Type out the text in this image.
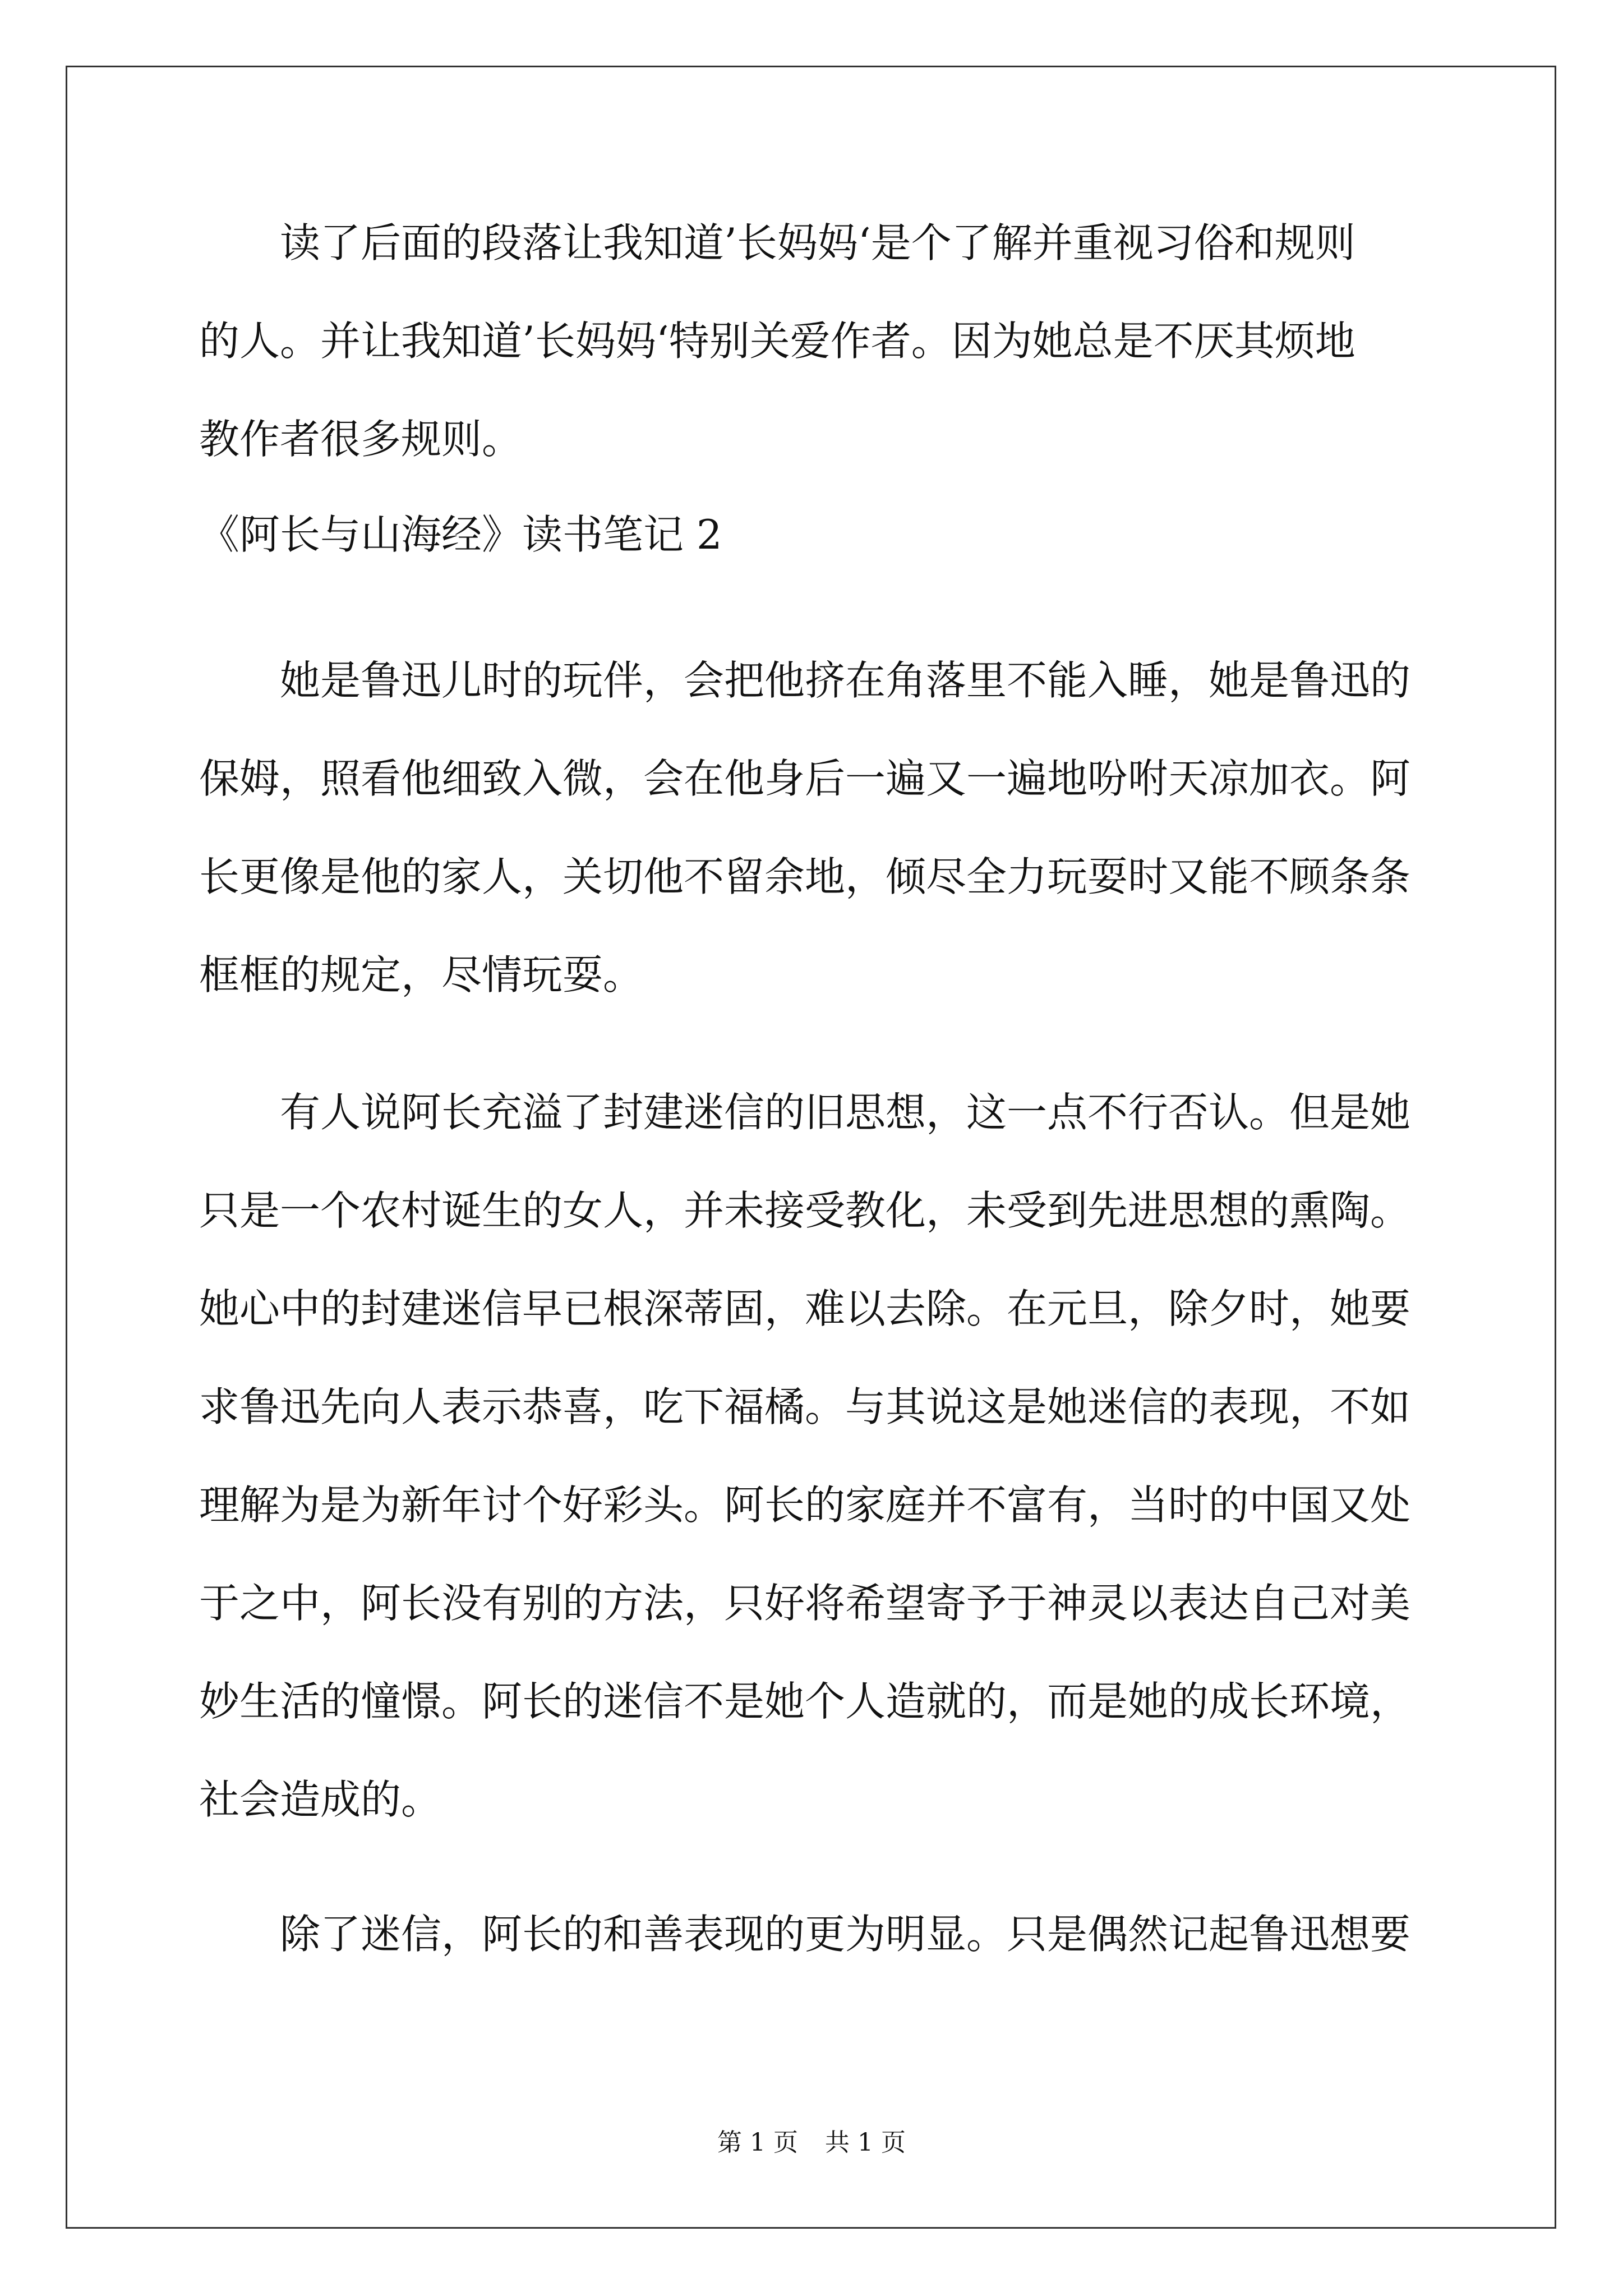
读了后面的段落让我知道’长妈妈‘是个了解并重视习俗和规则
的人。并让我知道’长妈妈‘特别关爱作者。因为她总是不厌其烦地
教作者很多规则。
《阿长与山海经》读书笔记 2
她是鲁迅儿时的玩伴，会把他挤在角落里不能入睡，她是鲁迅的
保姆，照看他细致入微，会在他身后一遍又一遍地吩咐天凉加衣。阿
长更像是他的家人，关切他不留余地，倾尽全力玩耍时又能不顾条条
框框的规定，尽情玩耍。
有人说阿长充溢了封建迷信的旧思想，这一点不行否认。但是她
只是一个农村诞生的女人，并未接受教化，未受到先进思想的熏陶。
她心中的封建迷信早已根深蒂固，难以去除。在元旦，除夕时，她要
求鲁迅先向人表示恭喜，吃下福橘。与其说这是她迷信的表现，不如
理解为是为新年讨个好彩头。阿长的家庭并不富有，当时的中国又处
于之中，阿长没有别的方法，只好将希望寄予于神灵以表达自己对美
妙生活的憧憬。阿长的迷信不是她个人造就的，而是她的成长环境，
社会造成的。
除了迷信，阿长的和善表现的更为明显。只是偶然记起鲁迅想要
第 1 页 共 1 页
